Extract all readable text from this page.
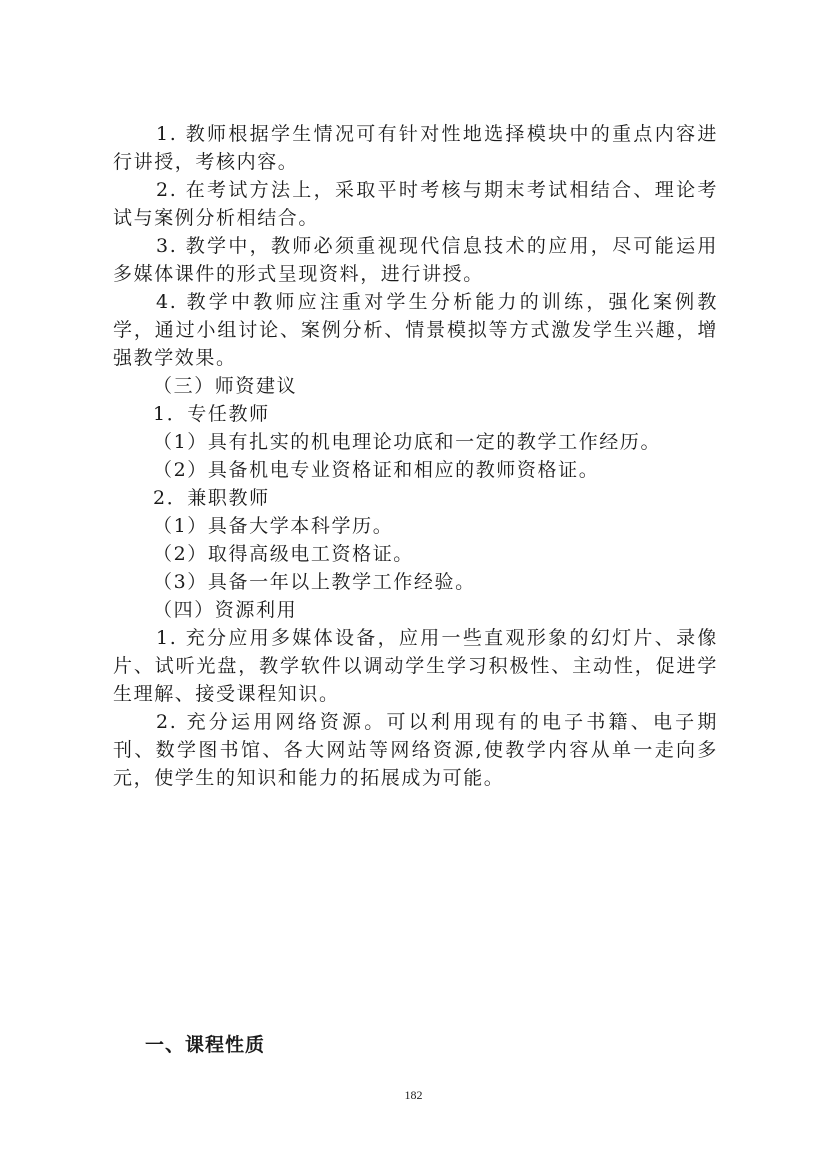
1. 教师根据学生情况可有针对性地选择模块中的重点内容进行讲授，考核内容。

2. 在考试方法上，采取平时考核与期末考试相结合、理论考试与案例分析相结合。

3. 教学中，教师必须重视现代信息技术的应用，尽可能运用多媒体课件的形式呈现资料，进行讲授。

4. 教学中教师应注重对学生分析能力的训练，强化案例教学，通过小组讨论、案例分析、情景模拟等方式激发学生兴趣，增强教学效果。

（三）师资建议

1．专任教师

（1）具有扎实的机电理论功底和一定的教学工作经历。

（2）具备机电专业资格证和相应的教师资格证。

2．兼职教师

（1）具备大学本科学历。

（2）取得高级电工资格证。

（3）具备一年以上教学工作经验。

（四）资源利用

1. 充分应用多媒体设备，应用一些直观形象的幻灯片、录像片、试听光盘，教学软件以调动学生学习积极性、主动性，促进学生理解、接受课程知识。

2. 充分运用网络资源。可以利用现有的电子书籍、电子期刊、数学图书馆、各大网站等网络资源,使教学内容从单一走向多元，使学生的知识和能力的拓展成为可能。

一、课程性质
182
